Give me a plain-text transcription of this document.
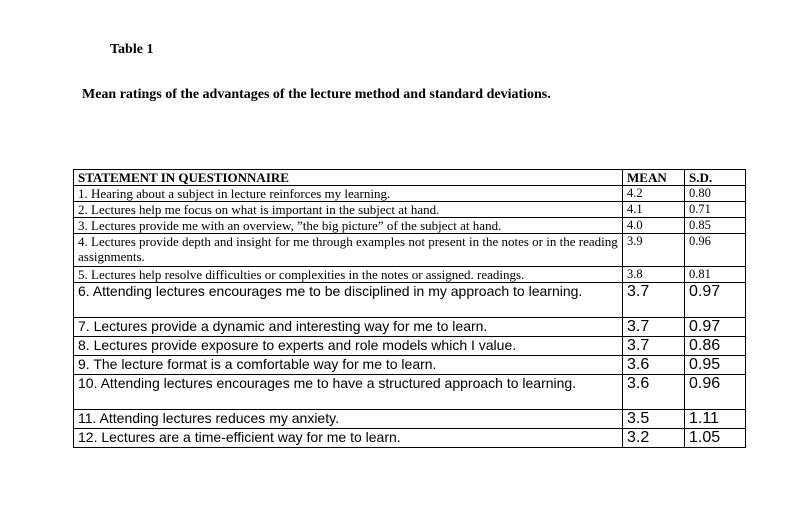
Table 1
Mean ratings of the advantages of the lecture method and standard deviations.
STATEMENT IN QUESTIONNAIRE	MEAN	S.D.
1. Hearing about a subject in lecture reinforces my learning.	4.2	0.80
2. Lectures help me focus on what is important in the subject at hand.	4.1	0.71
3. Lectures provide me with an overview, ”the big picture” of the subject at hand.	4.0	0.85
4. Lectures provide depth and insight for me through examples not present in the notes or in the reading assignments.	3.9	0.96
5. Lectures help resolve difficulties or complexities in the notes or assigned. readings.	3.8	0.81
6. Attending lectures encourages me to be disciplined in my approach to learning.	3.7	0.97
7. Lectures provide a dynamic and interesting way for me to learn.	3.7	0.97
8. Lectures provide exposure to experts and role models which I value.	3.7	0.86
9. The lecture format is a comfortable way for me to learn.	3.6	0.95
10. Attending lectures encourages me to have a structured approach to learning.	3.6	0.96
11. Attending lectures reduces my anxiety.	3.5	1.11
12. Lectures are a time-efficient way for me to learn.	3.2	1.05
